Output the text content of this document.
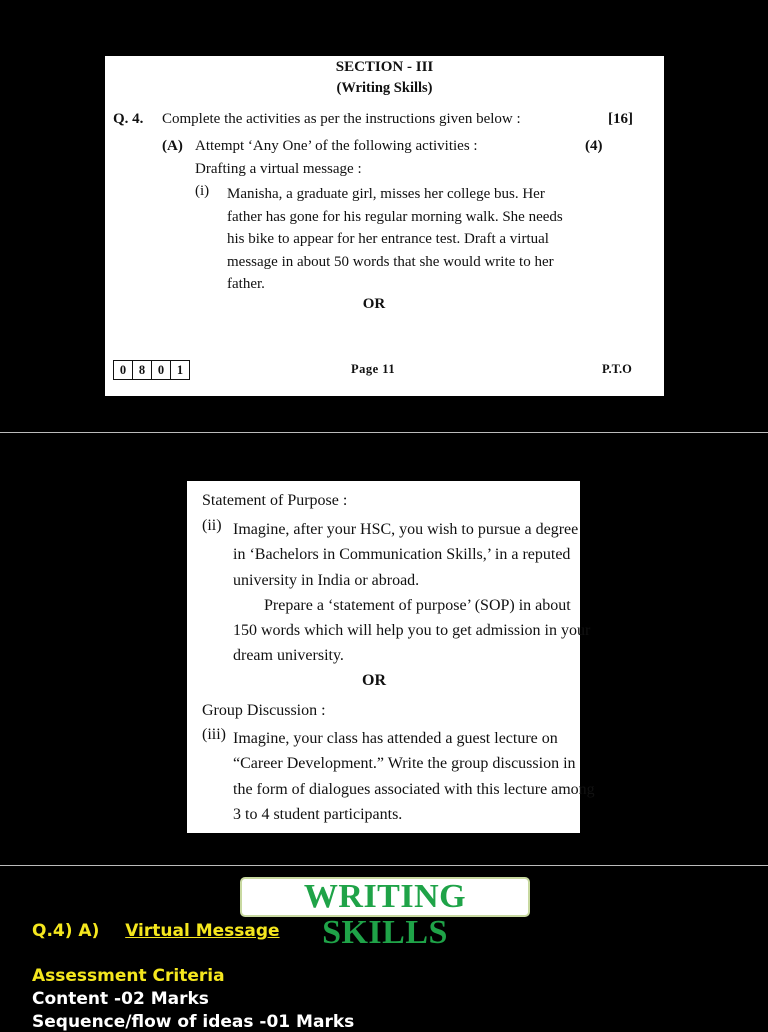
SECTION - III
(Writing Skills)
Q. 4. Complete the activities as per the instructions given below :	[16]
(A) Attempt ‘Any One’ of the following activities :	(4)
Drafting a virtual message :
(i) Manisha, a graduate girl, misses her college bus. Her
father has gone for his regular morning walk. She needs
his bike to appear for her entrance test. Draft a virtual
message in about 50 words that she would write to her
father.
OR
0	8	0	1	Page 11	P.T.O
Statement of Purpose :
(ii) Imagine, after your HSC, you wish to pursue a degree
in ‘Bachelors in Communication Skills,’ in a reputed
university in India or abroad.
Prepare a ‘statement of purpose’ (SOP) in about
150 words which will help you to get admission in your
dream university.
OR
Group Discussion :
(iii) Imagine, your class has attended a guest lecture on
“Career Development.” Write the group discussion in
the form of dialogues associated with this lecture among
3 to 4 student participants.
WRITING SKILLS
Q.4) A) Virtual Message
Assessment Criteria
Content -02 Marks
Sequence/flow of ideas -01 Marks
